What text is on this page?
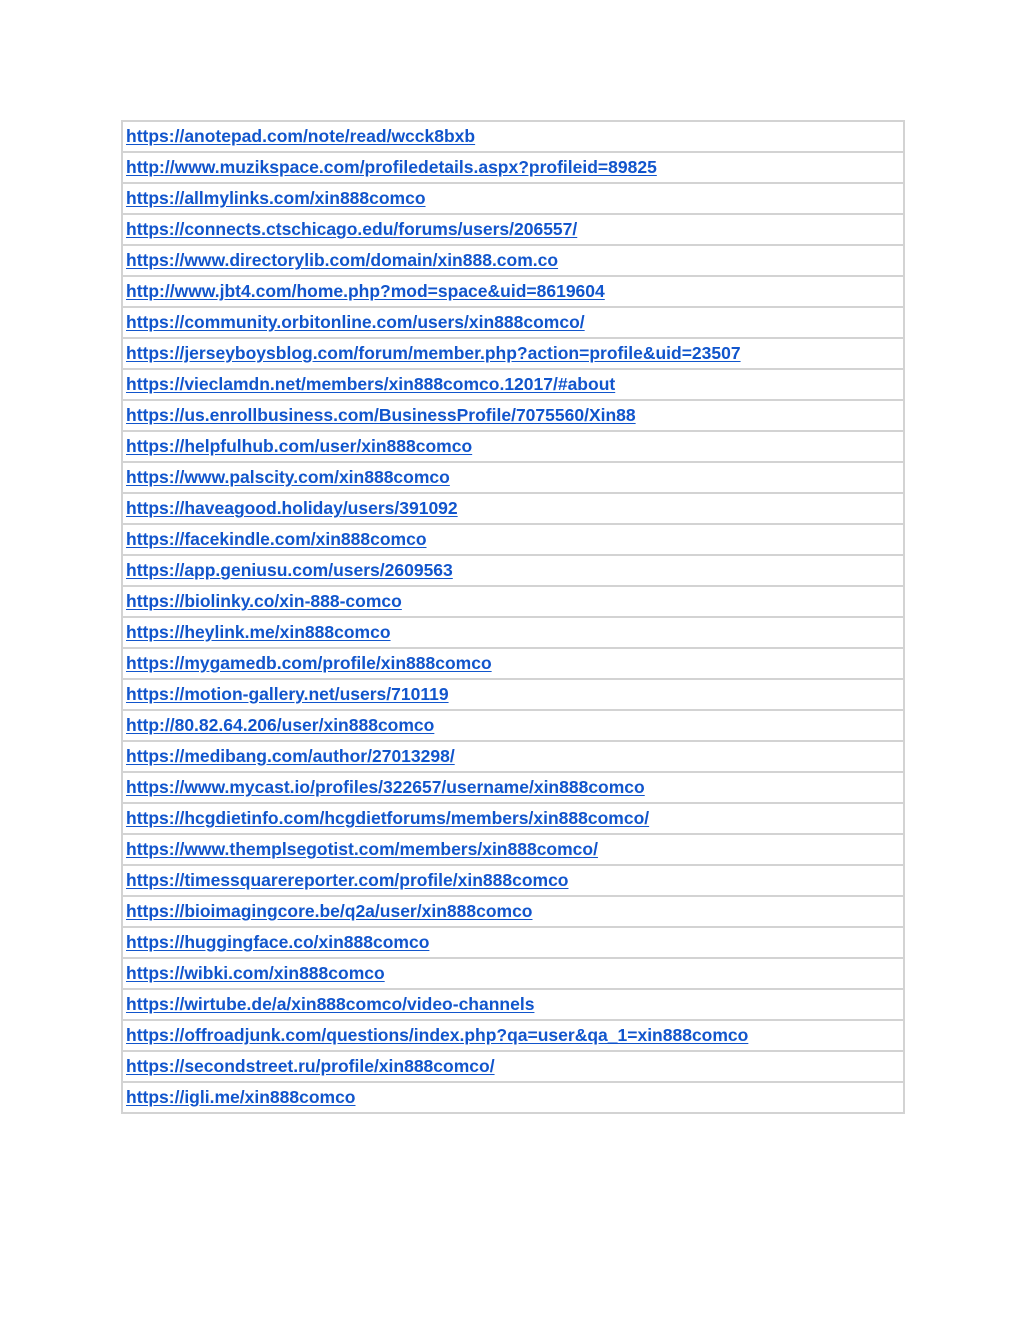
https://anotepad.com/note/read/wcck8bxb
http://www.muzikspace.com/profiledetails.aspx?profileid=89825
https://allmylinks.com/xin888comco
https://connects.ctschicago.edu/forums/users/206557/
https://www.directorylib.com/domain/xin888.com.co
http://www.jbt4.com/home.php?mod=space&uid=8619604
https://community.orbitonline.com/users/xin888comco/
https://jerseyboysblog.com/forum/member.php?action=profile&uid=23507
https://vieclamdn.net/members/xin888comco.12017/#about
https://us.enrollbusiness.com/BusinessProfile/7075560/Xin88
https://helpfulhub.com/user/xin888comco
https://www.palscity.com/xin888comco
https://haveagood.holiday/users/391092
https://facekindle.com/xin888comco
https://app.geniusu.com/users/2609563
https://biolinky.co/xin-888-comco
https://heylink.me/xin888comco
https://mygamedb.com/profile/xin888comco
https://motion-gallery.net/users/710119
http://80.82.64.206/user/xin888comco
https://medibang.com/author/27013298/
https://www.mycast.io/profiles/322657/username/xin888comco
https://hcgdietinfo.com/hcgdietforums/members/xin888comco/
https://www.themplsegotist.com/members/xin888comco/
https://timessquarereporter.com/profile/xin888comco
https://bioimagingcore.be/q2a/user/xin888comco
https://huggingface.co/xin888comco
https://wibki.com/xin888comco
https://wirtube.de/a/xin888comco/video-channels
https://offroadjunk.com/questions/index.php?qa=user&qa_1=xin888comco
https://secondstreet.ru/profile/xin888comco/
https://igli.me/xin888comco
